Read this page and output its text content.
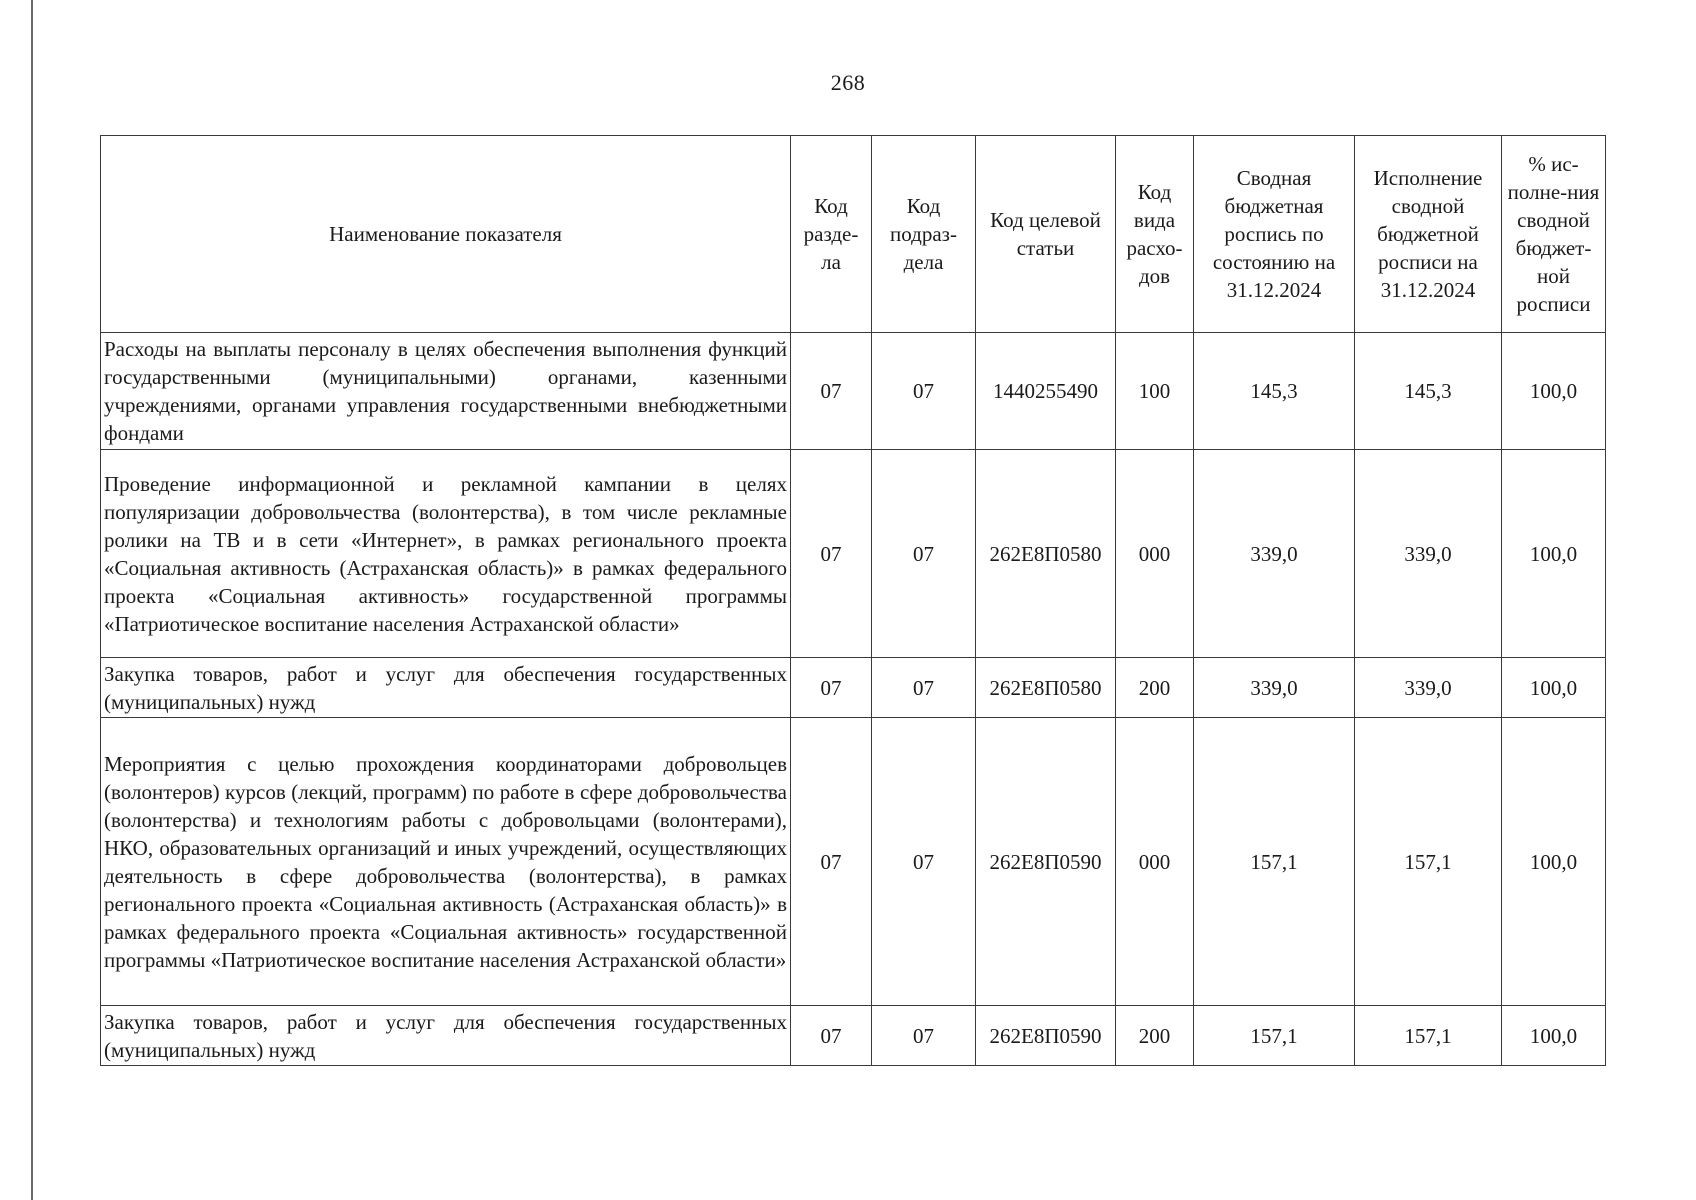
268
Наименование показателя	Код разде-ла	Код подраз-дела	Код целевой статьи	Код вида расхо-дов	Сводная бюджетная роспись по состоянию на 31.12.2024	Исполнение сводной бюджетной росписи на 31.12.2024	% ис-полне-ния сводной бюджет-ной росписи
Расходы на выплаты персоналу в целях обеспечения выполнения функций государственными (муниципальными) органами, казенными учреждениями, органами управления государственными внебюджетными фондами	07	07	1440255490	100	145,3	145,3	100,0
Проведение информационной и рекламной кампании в целях популяризации добровольчества (волонтерства), в том числе рекламные ролики на ТВ и в сети «Интернет», в рамках регионального проекта «Социальная активность (Астраханская область)» в рамках федерального проекта «Социальная активность» государственной программы «Патриотическое воспитание населения Астраханской области»	07	07	262Е8П0580	000	339,0	339,0	100,0
Закупка товаров, работ и услуг для обеспечения государственных (муниципальных) нужд	07	07	262Е8П0580	200	339,0	339,0	100,0
Мероприятия с целью прохождения координаторами добровольцев (волонтеров) курсов (лекций, программ) по работе в сфере добровольчества (волонтерства) и технологиям работы с добровольцами (волонтерами), НКО, образовательных организаций и иных учреждений, осуществляющих деятельность в сфере добровольчества (волонтерства), в рамках регионального проекта «Социальная активность (Астраханская область)» в рамках федерального проекта «Социальная активность» государственной программы «Патриотическое воспитание населения Астраханской области»	07	07	262Е8П0590	000	157,1	157,1	100,0
Закупка товаров, работ и услуг для обеспечения государственных (муниципальных) нужд	07	07	262Е8П0590	200	157,1	157,1	100,0
